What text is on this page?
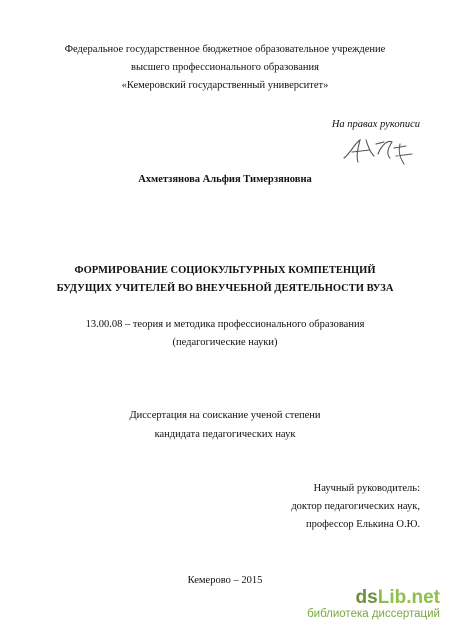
Федеральное государственное бюджетное образовательное учреждение
высшего профессионального образования
«Кемеровский государственный университет»
На правах рукописи
Ахметзянова Альфия Тимерзяновна
ФОРМИРОВАНИЕ СОЦИОКУЛЬТУРНЫХ КОМПЕТЕНЦИЙ
БУДУЩИХ УЧИТЕЛЕЙ ВО ВНЕУЧЕБНОЙ ДЕЯТЕЛЬНОСТИ ВУЗА
13.00.08 – теория и методика профессионального образования
(педагогические науки)
Диссертация на соискание ученой степени
кандидата педагогических наук
Научный руководитель:
доктор педагогических наук,
профессор Елькина О.Ю.
Кемерово – 2015
dsLib.net
библиотека диссертаций
